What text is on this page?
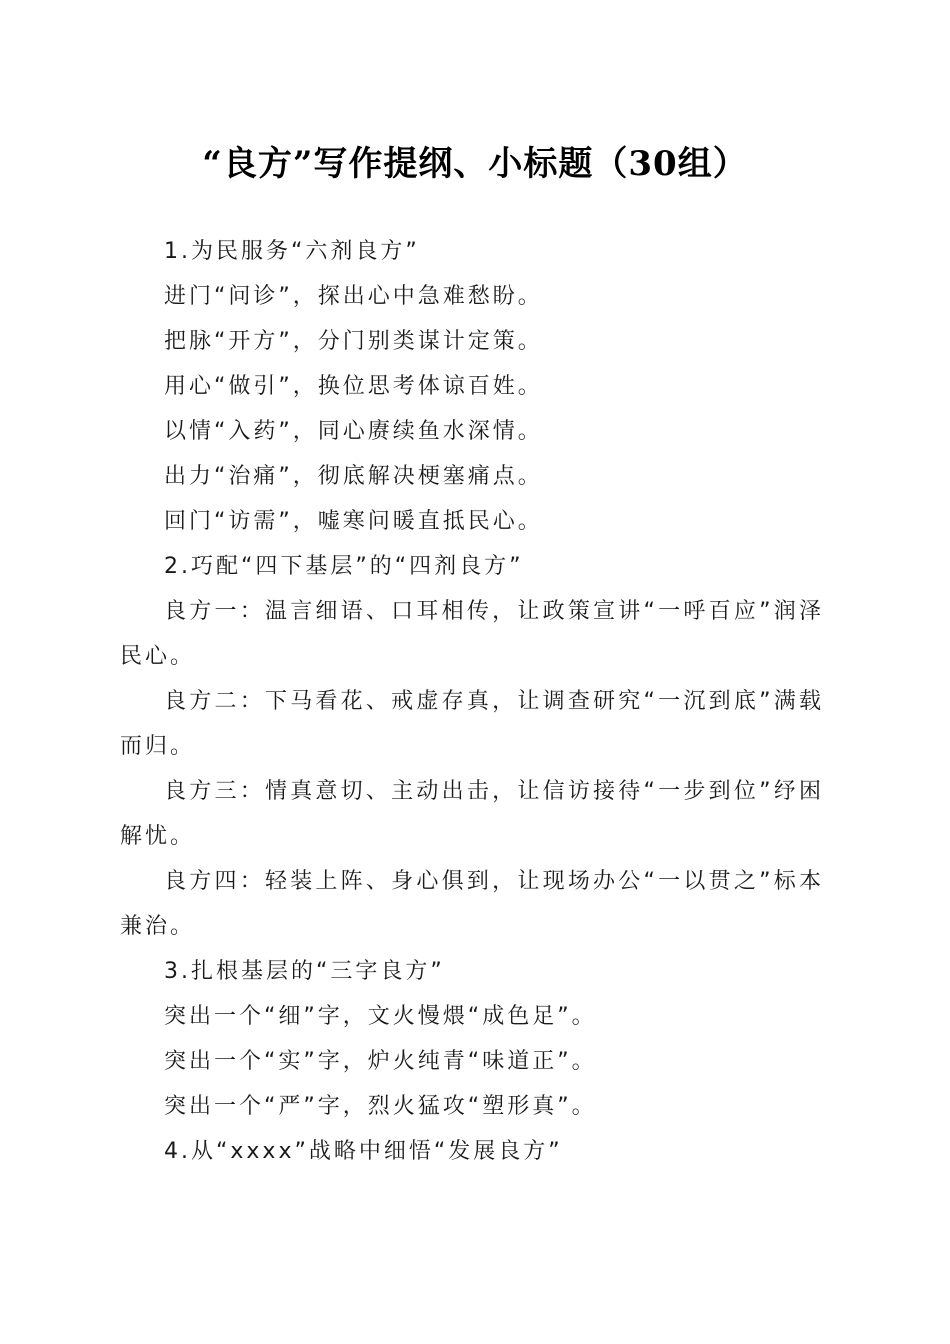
“良方”写作提纲、小标题（30组）

1.为民服务“六剂良方”

进门“问诊”，探出心中急难愁盼。

把脉“开方”，分门别类谋计定策。

用心“做引”，换位思考体谅百姓。

以情“入药”，同心赓续鱼水深情。

出力“治痛”，彻底解决梗塞痛点。

回门“访需”，嘘寒问暖直抵民心。

2.巧配“四下基层”的“四剂良方”

良方一：温言细语、口耳相传，让政策宣讲“一呼百应”润泽民心。

良方二：下马看花、戒虚存真，让调查研究“一沉到底”满载而归。

良方三：情真意切、主动出击，让信访接待“一步到位”纾困解忧。

良方四：轻装上阵、身心俱到，让现场办公“一以贯之”标本兼治。

3.扎根基层的“三字良方”

突出一个“细”字，文火慢煨“成色足”。

突出一个“实”字，炉火纯青“味道正”。

突出一个“严”字，烈火猛攻“塑形真”。

4.从“xxxx”战略中细悟“发展良方”
